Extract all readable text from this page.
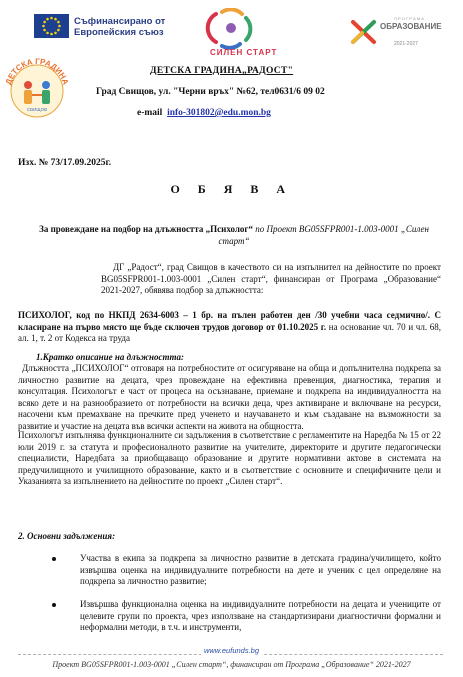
Съфинансирано от
Европейския съюз
СИЛЕН СТАРТ
П Р О Г Р А М А
ОБРАЗОВАНИЕ
2021-2027
ДЕТСКА ГРАДИНА
СВИЩОВ
ДЕТСКА ГРАДИНА„РАДОСТ"
Град Свищов, ул. "Черни връх" №62, тел0631/6 09 02
e-mail info-301802@edu.mon.bg
Изх. № 73/17.09.2025г.
О Б Я В А
За провеждане на подбор на длъжността „Психолог“ по Проект BG05SFPR001-1.003-0001 „Силен старт“
ДГ „Радост“, град Свищов в качеството си на изпълнител на дейностите по проект BG05SFPR001-1.003-0001 „Силен старт“, финансиран от Програма „Образование“ 2021-2027, обявява подбор за длъжността:
ПСИХОЛОГ, код по НКПД 2634-6003 – 1 бр. на пълен работен ден /30 учебни часа седмично/. С класиране на първо място ще бъде сключен трудов договор от 01.10.2025 г. на основание чл. 70 и чл. 68, ал. 1, т. 2 от Кодекса на труда
1.Кратко описание на длъжността:
Длъжността „ПСИХОЛОГ“ отговаря на потребностите от осигуряване на обща и допълнителна подкрепа за личностно развитие на децата, чрез провеждане на ефективна превенция, диагностика, терапия и консултация. Психологът е част от процеса на осъзнаване, приемане и подкрепа на индивидуалността на всяко дете и на разнообразието от потребности на всички деца, чрез активиране и включване на ресурси, насочени към премахване на пречките пред ученето и научаването и към създаване на възможности за развитие и участие на децата във всички аспекти на живота на общността.
Психологът изпълнява функционалните си задължения в съответствие с регламентите на Наредба № 15 от 22 юли 2019 г. за статута и професионалното развитие на учителите, директорите и другите педагогически специалисти, Наредбата за приобщаващо образование и другите нормативни актове в системата на предучилищното и училищното образование, както и в съответствие с основните и специфичните цели и Указанията за изпълнението на дейностите по проект „Силен старт“.
2. Основни задължения:
Участва в екипа за подкрепа за личностно развитие в детската градина/училището, който извършва оценка на индивидуалните потребности на дете и ученик с цел определяне на подкрепа за личностно развитие;
Извършва функционална оценка на индивидуалните потребности на децата и учениците от целевите групи по проекта, чрез използване на стандартизирани диагностични формални и неформални методи, в т.ч. и инструменти,
www.eufunds.bg
Проект BG05SFPR001-1.003-0001 „Силен старт“, финансиран от Програма „Образование“ 2021-2027
